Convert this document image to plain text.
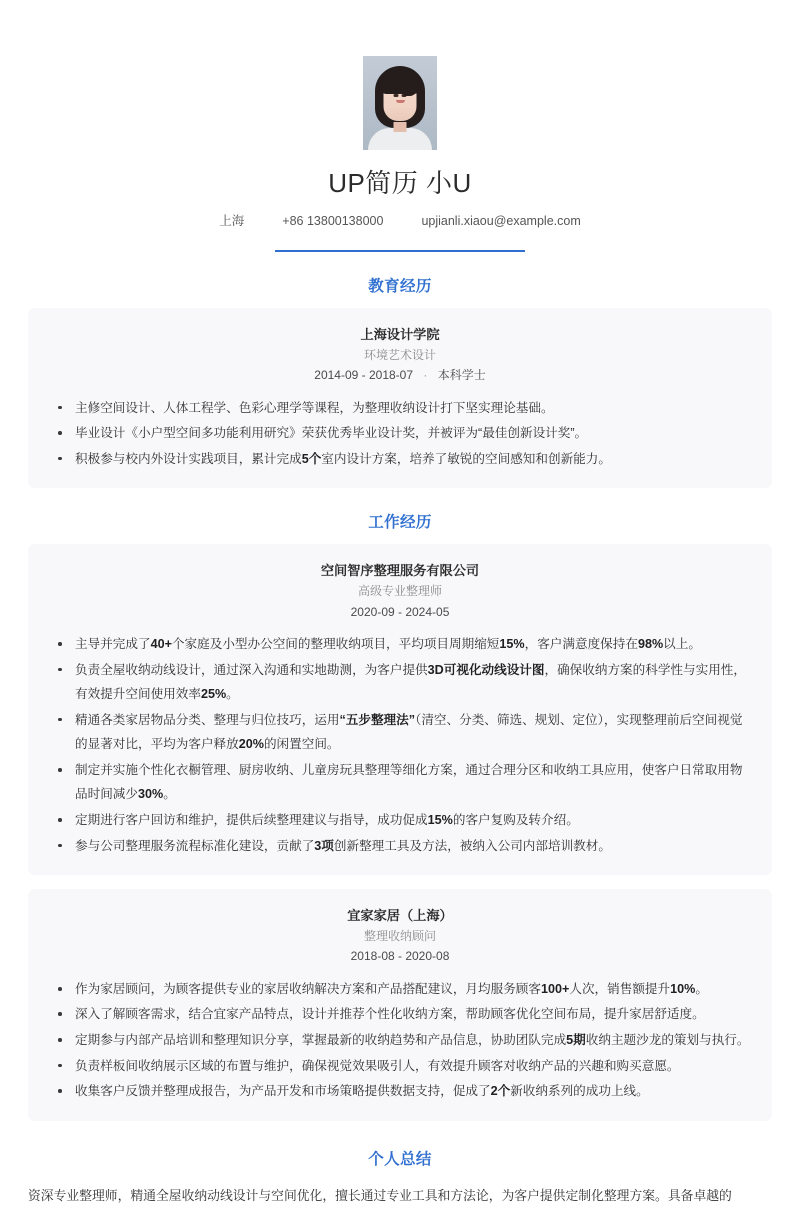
UP简历 小U
上海	+86 13800138000	upjianli.xiaou@example.com
教育经历
上海设计学院
环境艺术设计
2014-09 - 2018-07 · 本科学士
主修空间设计、人体工程学、色彩心理学等课程，为整理收纳设计打下坚实理论基础。
毕业设计《小户型空间多功能利用研究》荣获优秀毕业设计奖，并被评为“最佳创新设计奖”。
积极参与校内外设计实践项目，累计完成5个室内设计方案，培养了敏锐的空间感知和创新能力。
工作经历
空间智序整理服务有限公司
高级专业整理师
2020-09 - 2024-05
主导并完成了40+个家庭及小型办公空间的整理收纳项目，平均项目周期缩短15%，客户满意度保持在98%以上。
负责全屋收纳动线设计，通过深入沟通和实地勘测，为客户提供3D可视化动线设计图，确保收纳方案的科学性与实用性，有效提升空间使用效率25%。
精通各类家居物品分类、整理与归位技巧，运用“五步整理法”（清空、分类、筛选、规划、定位），实现整理前后空间视觉的显著对比，平均为客户释放20%的闲置空间。
制定并实施个性化衣橱管理、厨房收纳、儿童房玩具整理等细化方案，通过合理分区和收纳工具应用，使客户日常取用物品时间减少30%。
定期进行客户回访和维护，提供后续整理建议与指导，成功促成15%的客户复购及转介绍。
参与公司整理服务流程标准化建设，贡献了3项创新整理工具及方法，被纳入公司内部培训教材。
宜家家居（上海）
整理收纳顾问
2018-08 - 2020-08
作为家居顾问，为顾客提供专业的家居收纳解决方案和产品搭配建议，月均服务顾客100+人次，销售额提升10%。
深入了解顾客需求，结合宜家产品特点，设计并推荐个性化收纳方案，帮助顾客优化空间布局，提升家居舒适度。
定期参与内部产品培训和整理知识分享，掌握最新的收纳趋势和产品信息，协助团队完成5期收纳主题沙龙的策划与执行。
负责样板间收纳展示区域的布置与维护，确保视觉效果吸引人，有效提升顾客对收纳产品的兴趣和购买意愿。
收集客户反馈并整理成报告，为产品开发和市场策略提供数据支持，促成了2个新收纳系列的成功上线。
个人总结
资深专业整理师，精通全屋收纳动线设计与空间优化，擅长通过专业工具和方法论，为客户提供定制化整理方案。具备卓越的
